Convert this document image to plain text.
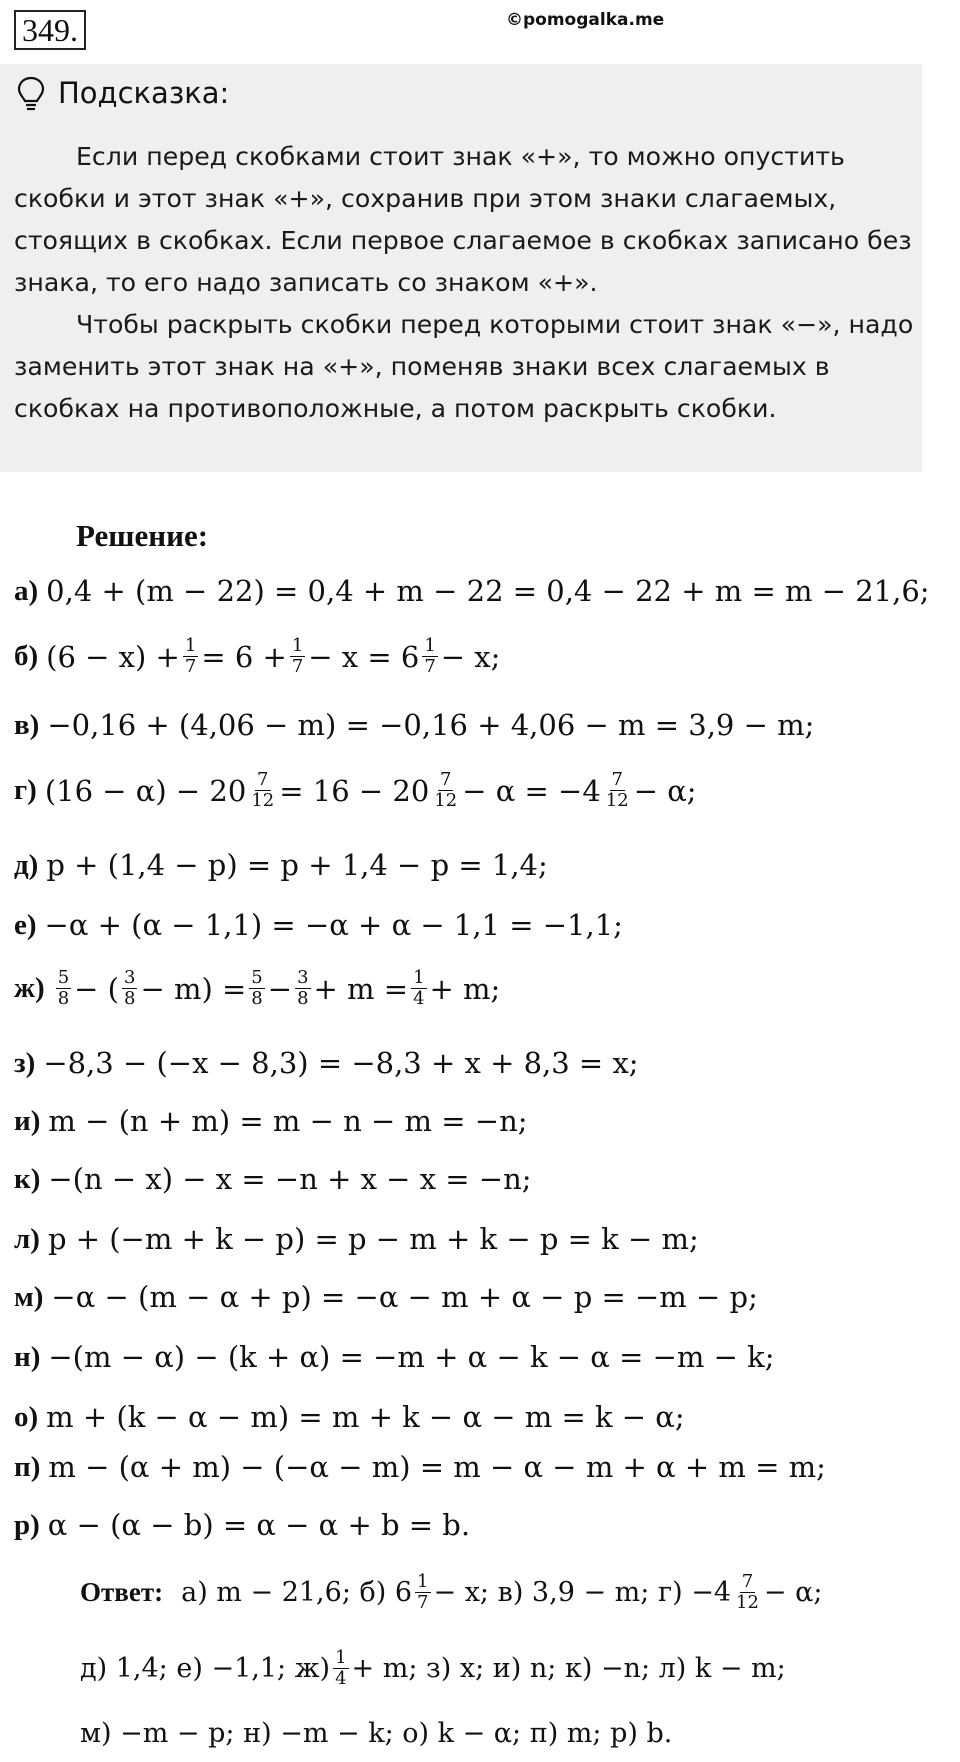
349.	©pomogalka.me
Подсказка:

Если перед скобками стоит знак «+», то можно опустить скобки и этот знак «+», сохранив при этом знаки слагаемых, стоящих в скобках. Если первое слагаемое в скобках записано без знака, то его надо записать со знаком «+».

Чтобы раскрыть скобки перед которыми стоит знак «−», надо заменить этот знак на «+», поменяв знаки всех слагаемых в скобках на противоположные, а потом раскрыть скобки.

Решение:
а) 0,4 + (m − 22) = 0,4 + m − 22 = 0,4 − 22 + m = m − 21,6;
б) $(6 - x) + \frac{1}{7} = 6 + \frac{1}{7} - x = 6 \frac{1}{7} - x$;
в) −0,16 + (4,06 − m) = −0,16 + 4,06 − m = 3,9 − m;
г) $(16 - \alpha) - 20 \frac{7}{12} = 16 - 20 \frac{7}{12} - \alpha = -4 \frac{7}{12} - \alpha$;
д) p + (1,4 − p) = p + 1,4 − p = 1,4;
е) −α + (α − 1,1) = −α + α − 1,1 = −1,1;
$ж) \frac{5}{8}$ − ( $\frac{3}{8} - m) = \frac{5}{8} - \frac{3}{8} + m = \frac{1}{4} + m$;
з) −8,3 − (−x − 8,3) = −8,3 + x + 8,3 = x;
и) m − (n + m) = m − n − m = −n;
к) −(n − x) − x = −n + x − x = −n;
л) p + (−m + k − p) = p − m + k − p = k − m;
м) −α − (m − α + p) = −α − m + α − p = −m − p;
н) −(m − α) − (k + α) = −m + α − k − α = −m − k;
о) m + (k − α − m) = m + k − α − m = k − α;
п) m − (α + m) − (−α − m) = m − α − m + α + m = m;
р) α − (α − b) = α − α + b = b.
Ответ: а) m − 21,6; б) $6 \frac{1}{7} - x$; в) 3,9 − m; $г) -4 \frac{7}{12} - \alpha$;
д) 1,4; е) −1,1; $ж) \frac{1}{4} + m$; з) x; и) n; к) −n; л) k − m;
м) −m − p; н) −m − k; о) k − α; п) m; р) b.
